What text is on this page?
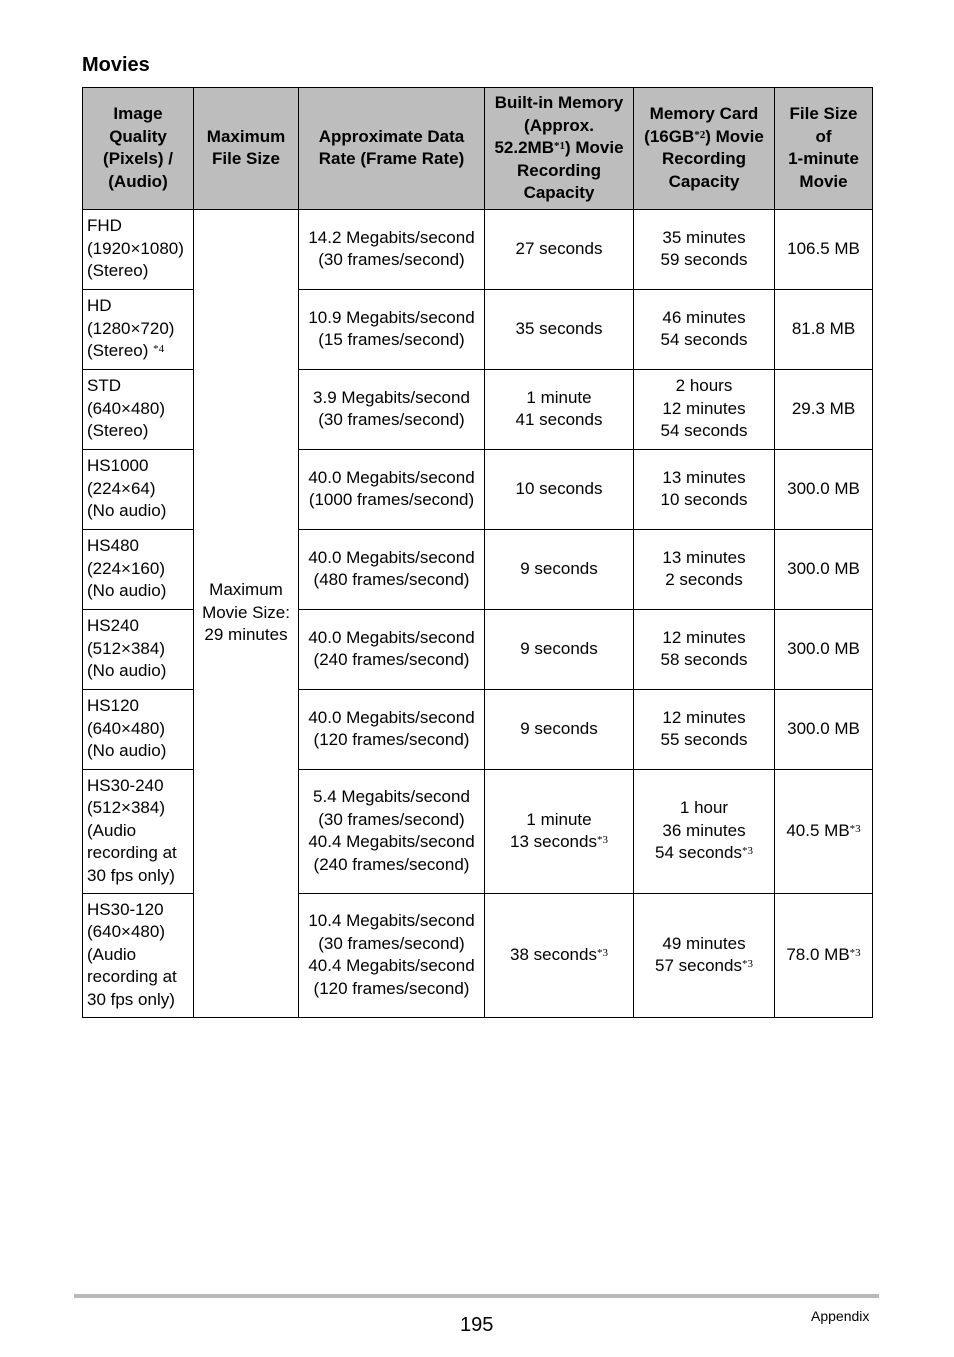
Movies
Image
Quality
(Pixels) /
(Audio)	Maximum
File Size	Approximate Data
Rate (Frame Rate)	Built-in Memory
(Approx.
52.2MB$^{*1}$) Movie
Recording
Capacity	Memory Card
(16GB$^{*2}$) Movie
Recording
Capacity	File Size
of
1-minute
Movie

FHD
(1920×1080)
(Stereo)	Maximum
Movie Size:
29 minutes	14.2 Megabits/second
(30 frames/second)	27 seconds	35 minutes
59 seconds	106.5 MB

HD
(1280×720)
(Stereo) $^{*4}$		10.9 Megabits/second
(15 frames/second)	35 seconds	46 minutes
54 seconds	81.8 MB

STD
(640×480)
(Stereo)		3.9 Megabits/second
(30 frames/second)	1 minute
41 seconds	2 hours
12 minutes
54 seconds	29.3 MB

HS1000
(224×64)
(No audio)		40.0 Megabits/second
(1000 frames/second)	10 seconds	13 minutes
10 seconds	300.0 MB

HS480
(224×160)
(No audio)		40.0 Megabits/second
(480 frames/second)	9 seconds	13 minutes
2 seconds	300.0 MB

HS240
(512×384)
(No audio)		40.0 Megabits/second
(240 frames/second)	9 seconds	12 minutes
58 seconds	300.0 MB

HS120
(640×480)
(No audio)		40.0 Megabits/second
(120 frames/second)	9 seconds	12 minutes
55 seconds	300.0 MB

HS30-240
(512×384)
(Audio
recording at
30 fps only)		5.4 Megabits/second
(30 frames/second)
40.4 Megabits/second
(240 frames/second)	1 minute
13 seconds$^{*3}$	1 hour
36 minutes
54 seconds$^{*3}$	40.5 MB$^{*3}$

HS30-120
(640×480)
(Audio
recording at
30 fps only)		10.4 Megabits/second
(30 frames/second)
40.4 Megabits/second
(120 frames/second)	38 seconds$^{*3}$	49 minutes
57 seconds$^{*3}$	78.0 MB$^{*3}$
195	Appendix
